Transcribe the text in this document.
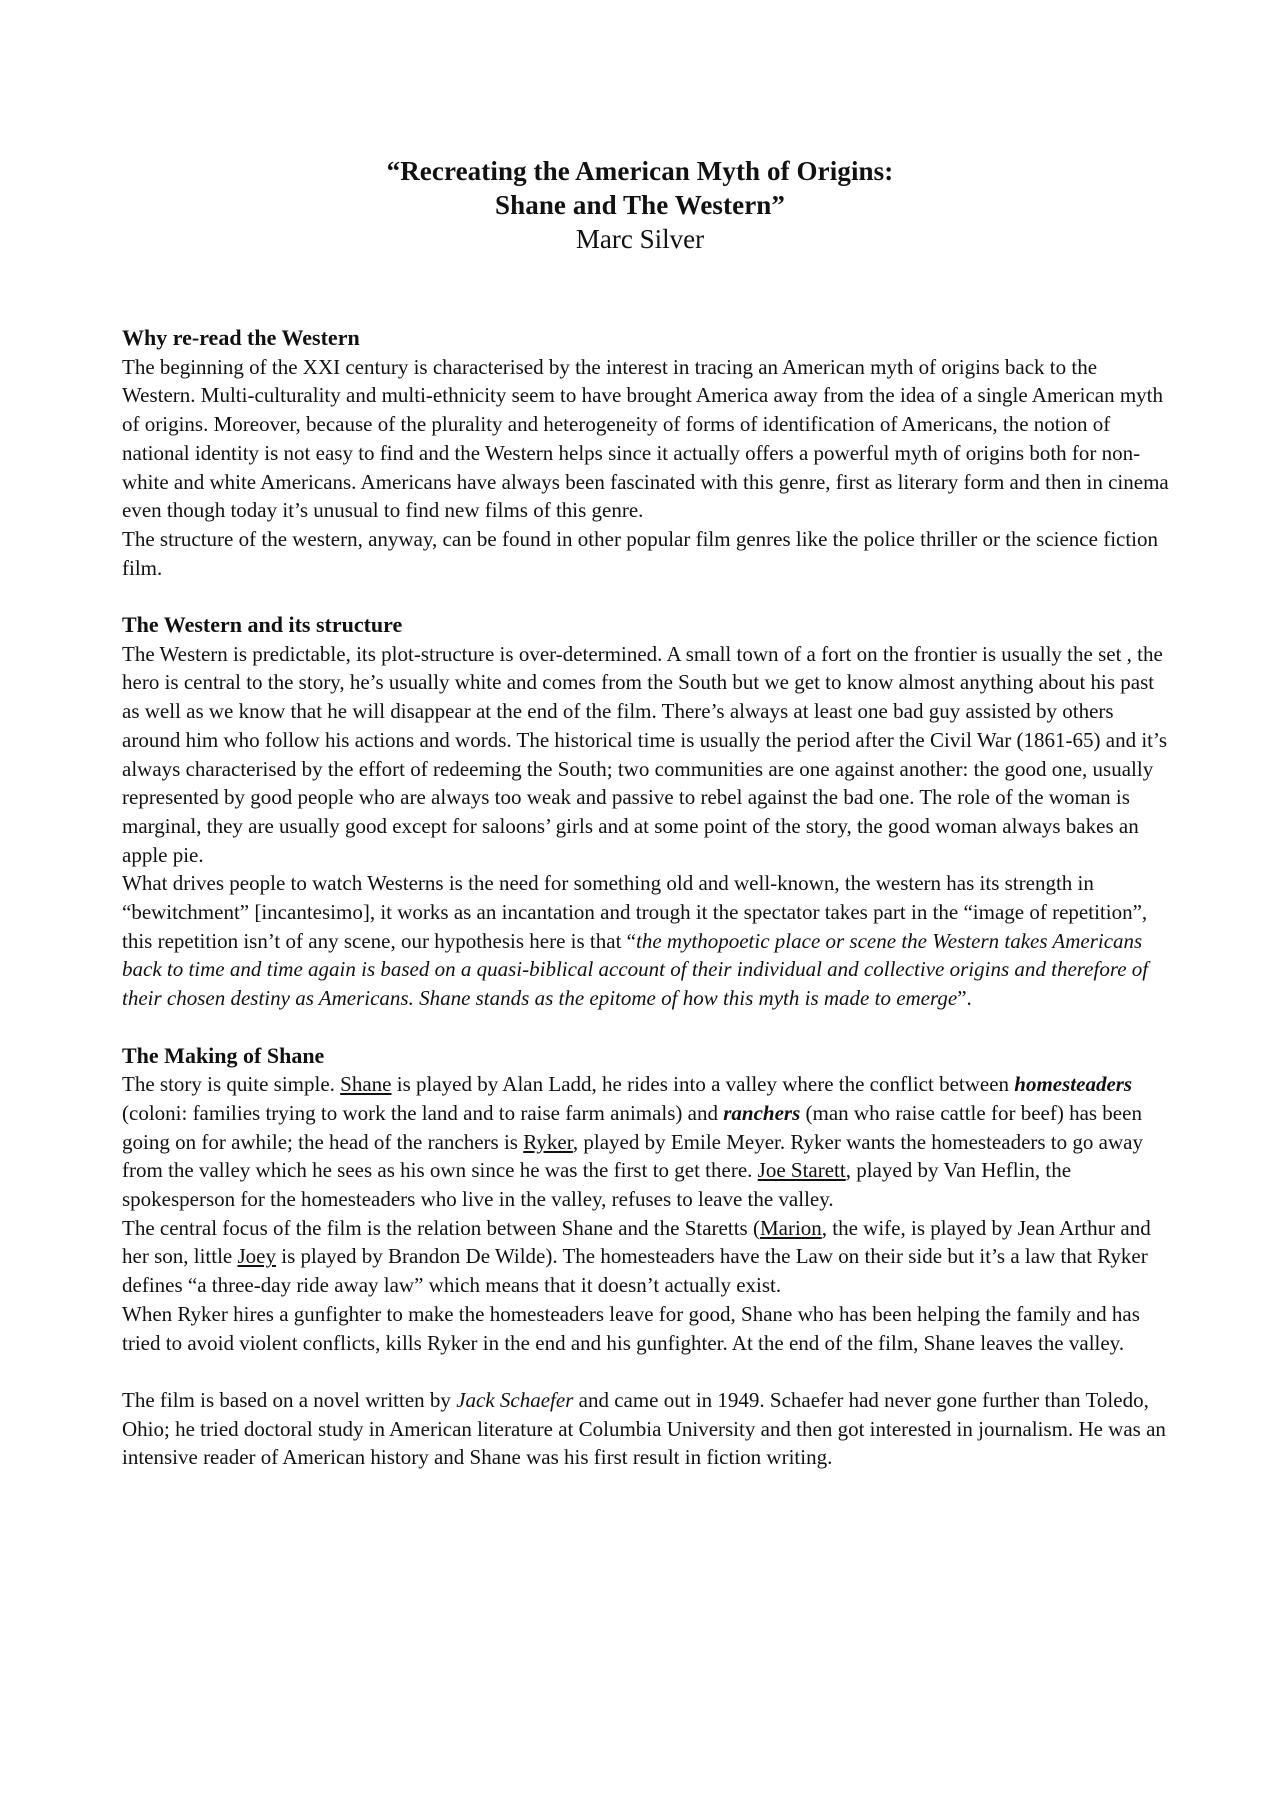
“Recreating the American Myth of Origins:
Shane and The Western”
Marc Silver
Why re-read the Western

The beginning of the XXI century is characterised by the interest in tracing an American myth of origins back to the Western. Multi-culturality and multi-ethnicity seem to have brought America away from the idea of a single American myth of origins. Moreover, because of the plurality and heterogeneity of forms of identification of Americans, the notion of national identity is not easy to find and the Western helps since it actually offers a powerful myth of origins both for non-white and white Americans. Americans have always been fascinated with this genre, first as literary form and then in cinema even though today it’s unusual to find new films of this genre.

The structure of the western, anyway, can be found in other popular film genres like the police thriller or the science fiction film.

The Western and its structure

The Western is predictable, its plot-structure is over-determined. A small town of a fort on the frontier is usually the set , the hero is central to the story, he’s usually white and comes from the South but we get to know almost anything about his past as well as we know that he will disappear at the end of the film. There’s always at least one bad guy assisted by others around him who follow his actions and words. The historical time is usually the period after the Civil War (1861-65) and it’s always characterised by the effort of redeeming the South; two communities are one against another: the good one, usually represented by good people who are always too weak and passive to rebel against the bad one. The role of the woman is marginal, they are usually good except for saloons’ girls and at some point of the story, the good woman always bakes an apple pie.

What drives people to watch Westerns is the need for something old and well-known, the western has its strength in “bewitchment” [incantesimo], it works as an incantation and trough it the spectator takes part in the “image of repetition”, this repetition isn’t of any scene, our hypothesis here is that “the mythopoetic place or scene the Western takes Americans back to time and time again is based on a quasi-biblical account of their individual and collective origins and therefore of their chosen destiny as Americans. Shane stands as the epitome of how this myth is made to emerge”.

The Making of Shane

The story is quite simple. Shane is played by Alan Ladd, he rides into a valley where the conflict between homesteaders (coloni: families trying to work the land and to raise farm animals) and ranchers (man who raise cattle for beef) has been going on for awhile; the head of the ranchers is Ryker, played by Emile Meyer. Ryker wants the homesteaders to go away from the valley which he sees as his own since he was the first to get there. Joe Starett, played by Van Heflin, the spokesperson for the homesteaders who live in the valley, refuses to leave the valley.

The central focus of the film is the relation between Shane and the Staretts (Marion, the wife, is played by Jean Arthur and her son, little Joey is played by Brandon De Wilde). The homesteaders have the Law on their side but it’s a law that Ryker defines “a three-day ride away law” which means that it doesn’t actually exist.

When Ryker hires a gunfighter to make the homesteaders leave for good, Shane who has been helping the family and has tried to avoid violent conflicts, kills Ryker in the end and his gunfighter. At the end of the film, Shane leaves the valley.

The film is based on a novel written by Jack Schaefer and came out in 1949. Schaefer had never gone further than Toledo, Ohio; he tried doctoral study in American literature at Columbia University and then got interested in journalism. He was an intensive reader of American history and Shane was his first result in fiction writing.
